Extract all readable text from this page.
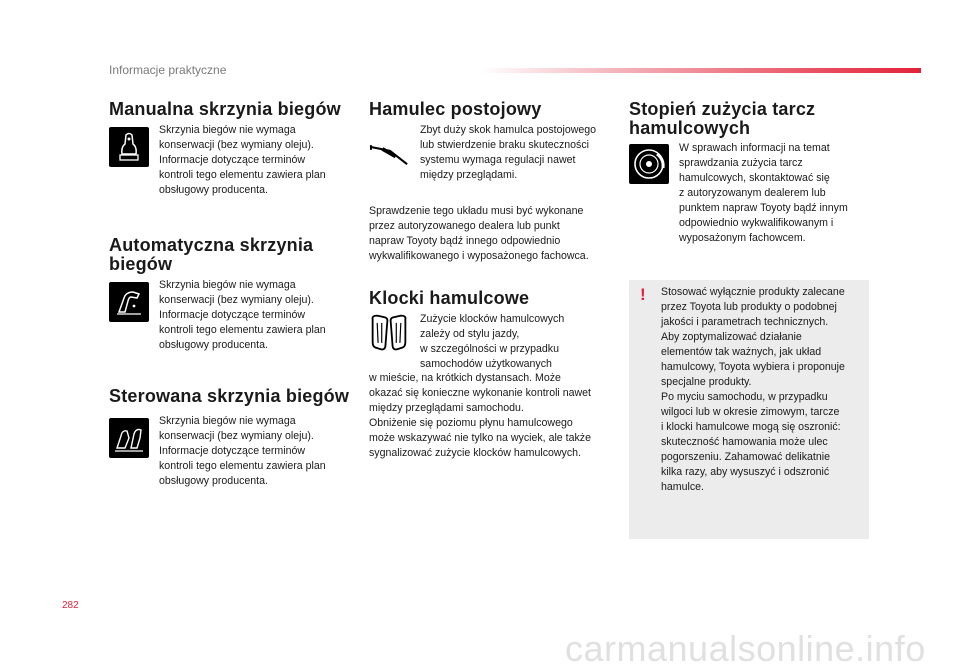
Informacje praktyczne
Manualna skrzynia biegów
Skrzynia biegów nie wymaga
konserwacji (bez wymiany oleju).
Informacje dotyczące terminów
kontroli tego elementu zawiera plan
obsługowy producenta.
Automatyczna skrzynia
biegów
Skrzynia biegów nie wymaga
konserwacji (bez wymiany oleju).
Informacje dotyczące terminów
kontroli tego elementu zawiera plan
obsługowy producenta.
Sterowana skrzynia biegów
Skrzynia biegów nie wymaga
konserwacji (bez wymiany oleju).
Informacje dotyczące terminów
kontroli tego elementu zawiera plan
obsługowy producenta.
Hamulec postojowy
Zbyt duży skok hamulca postojowego
lub stwierdzenie braku skuteczności
systemu wymaga regulacji nawet
między przeglądami.
Sprawdzenie tego układu musi być wykonane
przez autoryzowanego dealera lub punkt
napraw Toyoty bądź innego odpowiednio
wykwalifikowanego i wyposażonego fachowca.
Klocki hamulcowe
Zużycie klocków hamulcowych
zależy od stylu jazdy,
w szczególności w przypadku
samochodów użytkowanych
w mieście, na krótkich dystansach. Może
okazać się konieczne wykonanie kontroli nawet
między przeglądami samochodu.
Obniżenie się poziomu płynu hamulcowego
może wskazywać nie tylko na wyciek, ale także
sygnalizować zużycie klocków hamulcowych.
Stopień zużycia tarcz
hamulcowych
W sprawach informacji na temat
sprawdzania zużycia tarcz
hamulcowych, skontaktować się
z autoryzowanym dealerem lub
punktem napraw Toyoty bądź innym
odpowiednio wykwalifikowanym i
wyposażonym fachowcem.
!	Stosować wyłącznie produkty zalecane
przez Toyota lub produkty o podobnej
jakości i parametrach technicznych.
Aby zoptymalizować działanie
elementów tak ważnych, jak układ
hamulcowy, Toyota wybiera i proponuje
specjalne produkty.
Po myciu samochodu, w przypadku
wilgoci lub w okresie zimowym, tarcze
i klocki hamulcowe mogą się oszronić:
skuteczność hamowania może ulec
pogorszeniu. Zahamować delikatnie
kilka razy, aby wysuszyć i odszronić
hamulce.
282
carmanualsonline.info
